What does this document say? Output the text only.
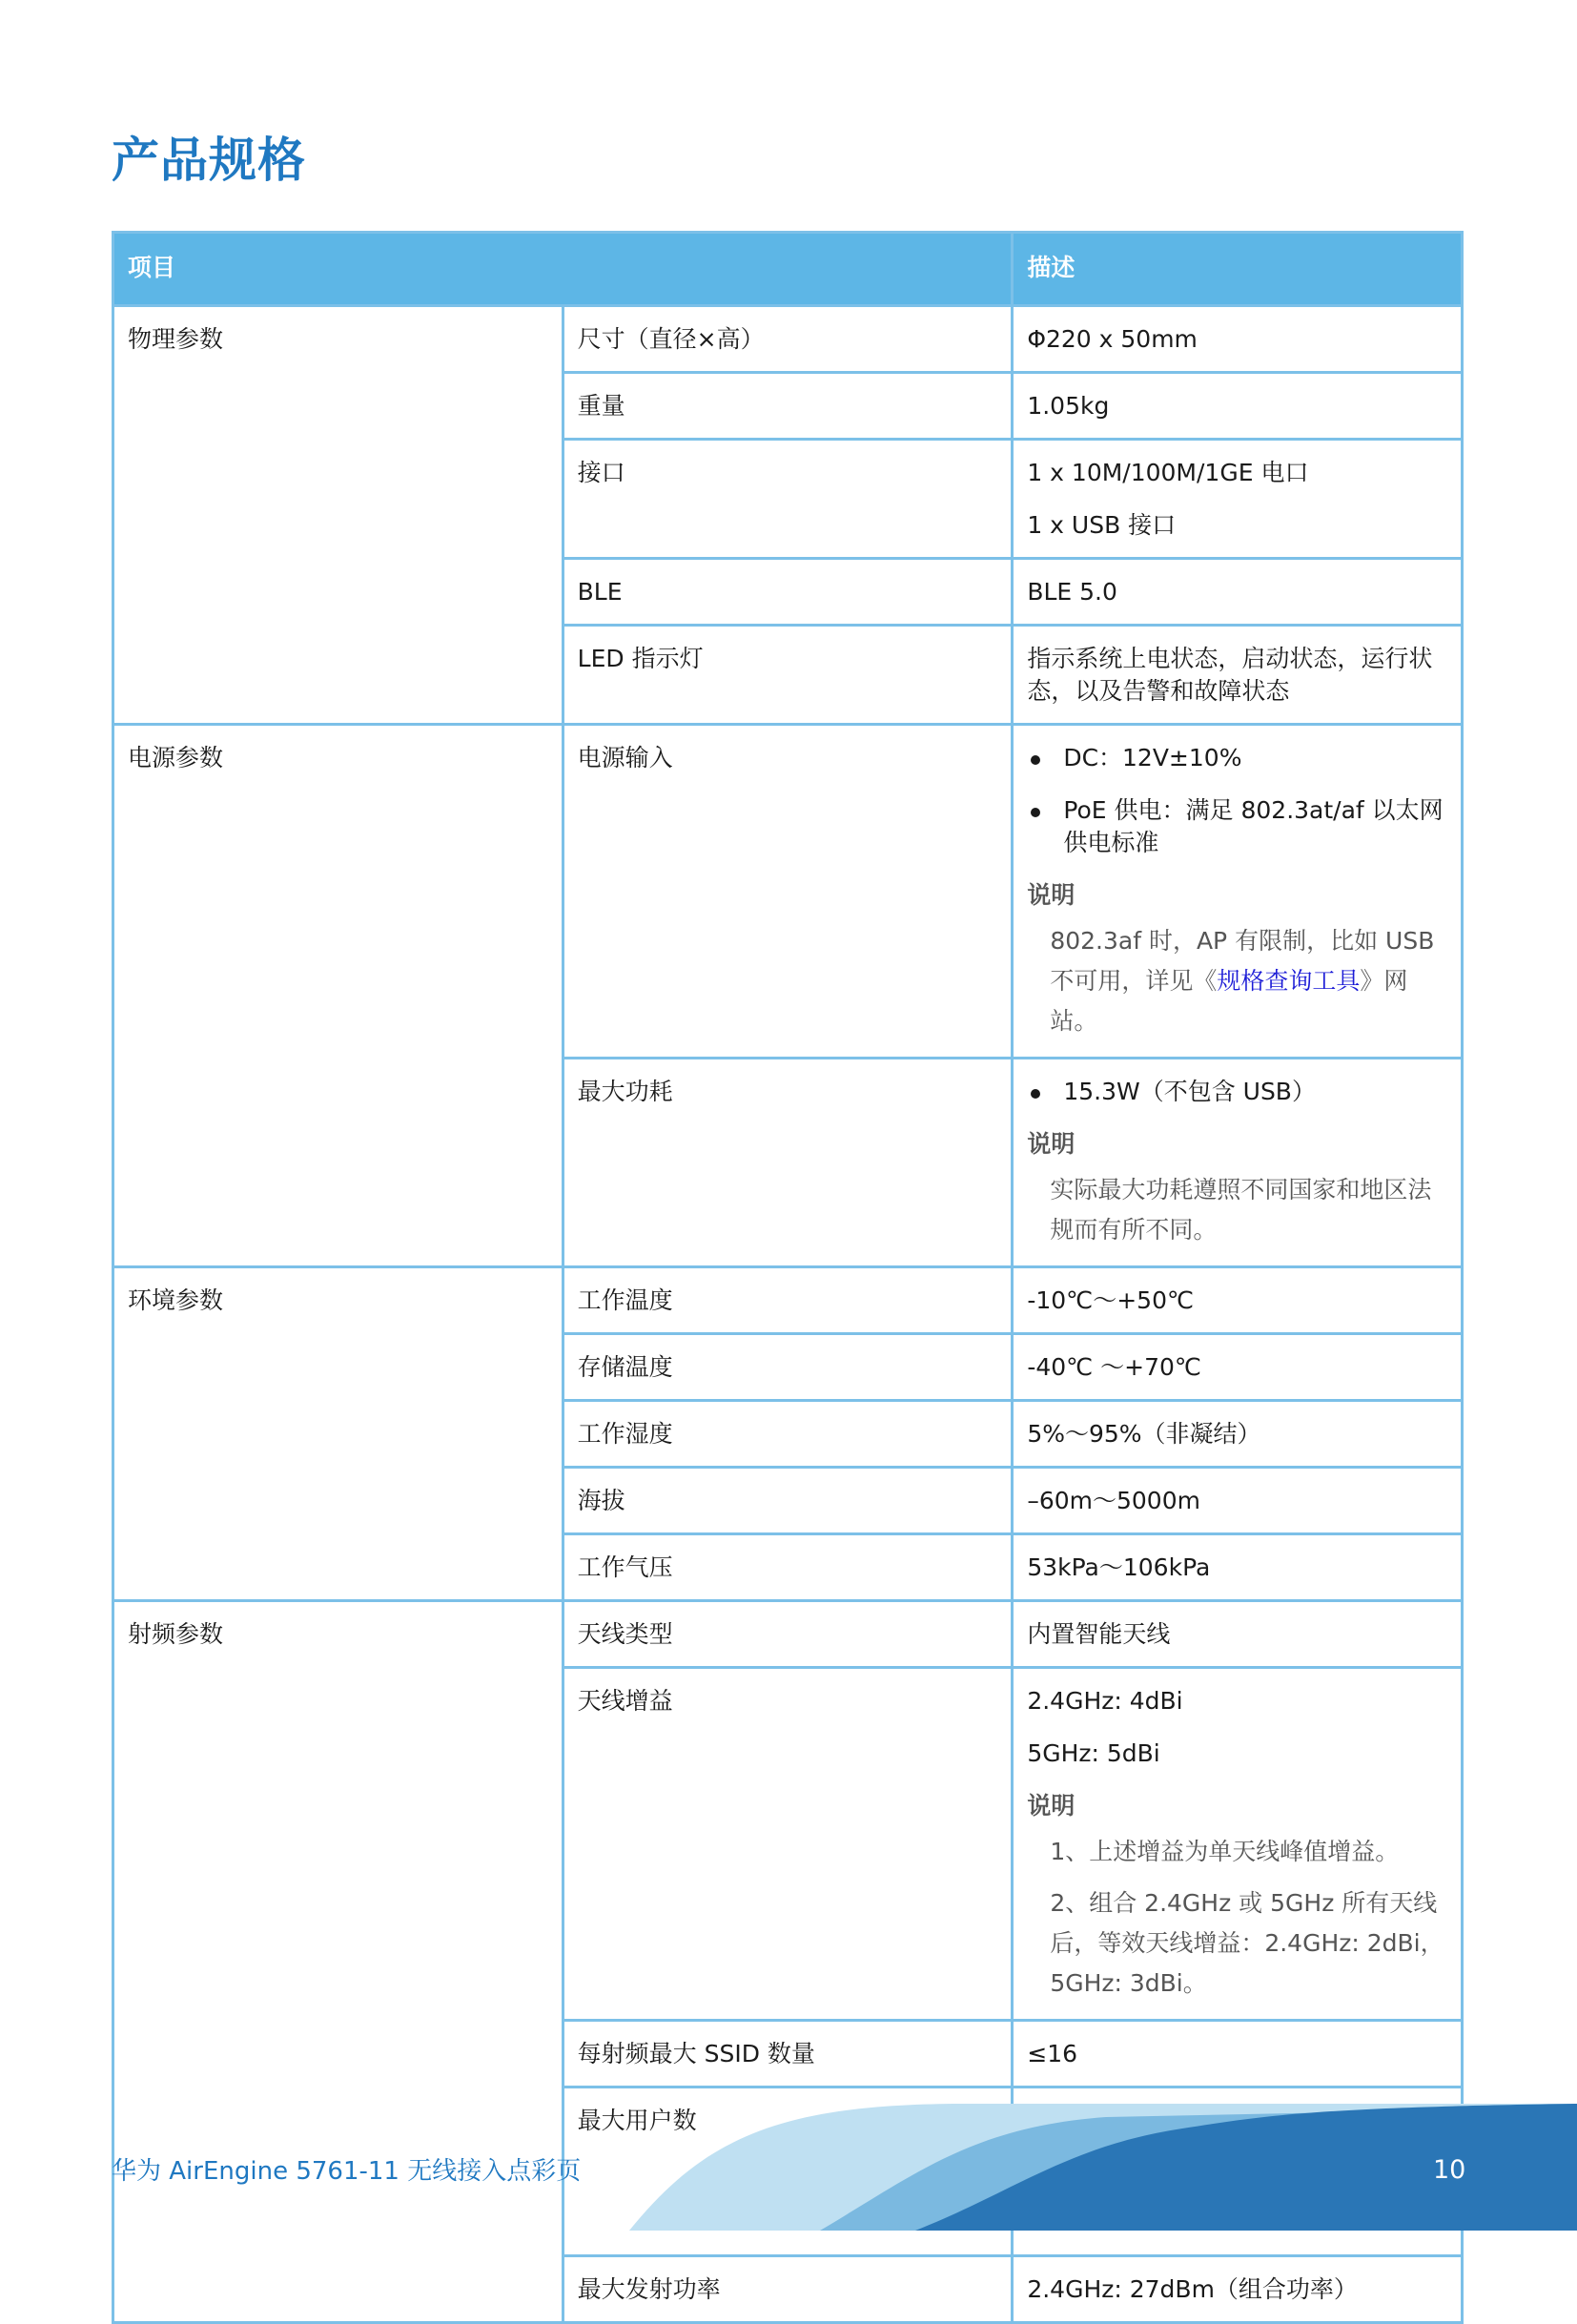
产品规格
项目		描述
物理参数	尺寸（直径×高）	Φ220 x 50mm
	重量	1.05kg
	接口	1 x 10M/100M/1GE 电口
1 x USB 接口

	BLE	BLE 5.0
	LED 指示灯	指示系统上电状态，启动状态，运行状态，以及告警和故障状态
电源参数	电源输入	DC：12V±10%
PoE 供电：满足 802.3at/af 以太网供电标准
说明
802.3af 时，AP 有限制，比如 USB 不可用，详见《规格查询工具》网站。

	最大功耗	15.3W（不包含 USB）
说明
实际最大功耗遵照不同国家和地区法规而有所不同。

环境参数	工作温度	-10℃～+50℃
	存储温度	-40℃ ～+70℃
	工作湿度	5%～95%（非凝结）
	海拔	–60m～5000m
	工作气压	53kPa～106kPa
射频参数	天线类型	内置智能天线
	天线增益	2.4GHz: 4dBi
5GHz: 5dBi
说明
1、上述增益为单天线峰值增益。
2、组合 2.4GHz 或 5GHz 所有天线后，等效天线增益：2.4GHz: 2dBi，5GHz: 3dBi。

	每射频最大 SSID 数量	≤16
	最大用户数	

	最大发射功率	2.4GHz: 27dBm（组合功率）
华为 AirEngine 5761-11 无线接入点彩页	10
